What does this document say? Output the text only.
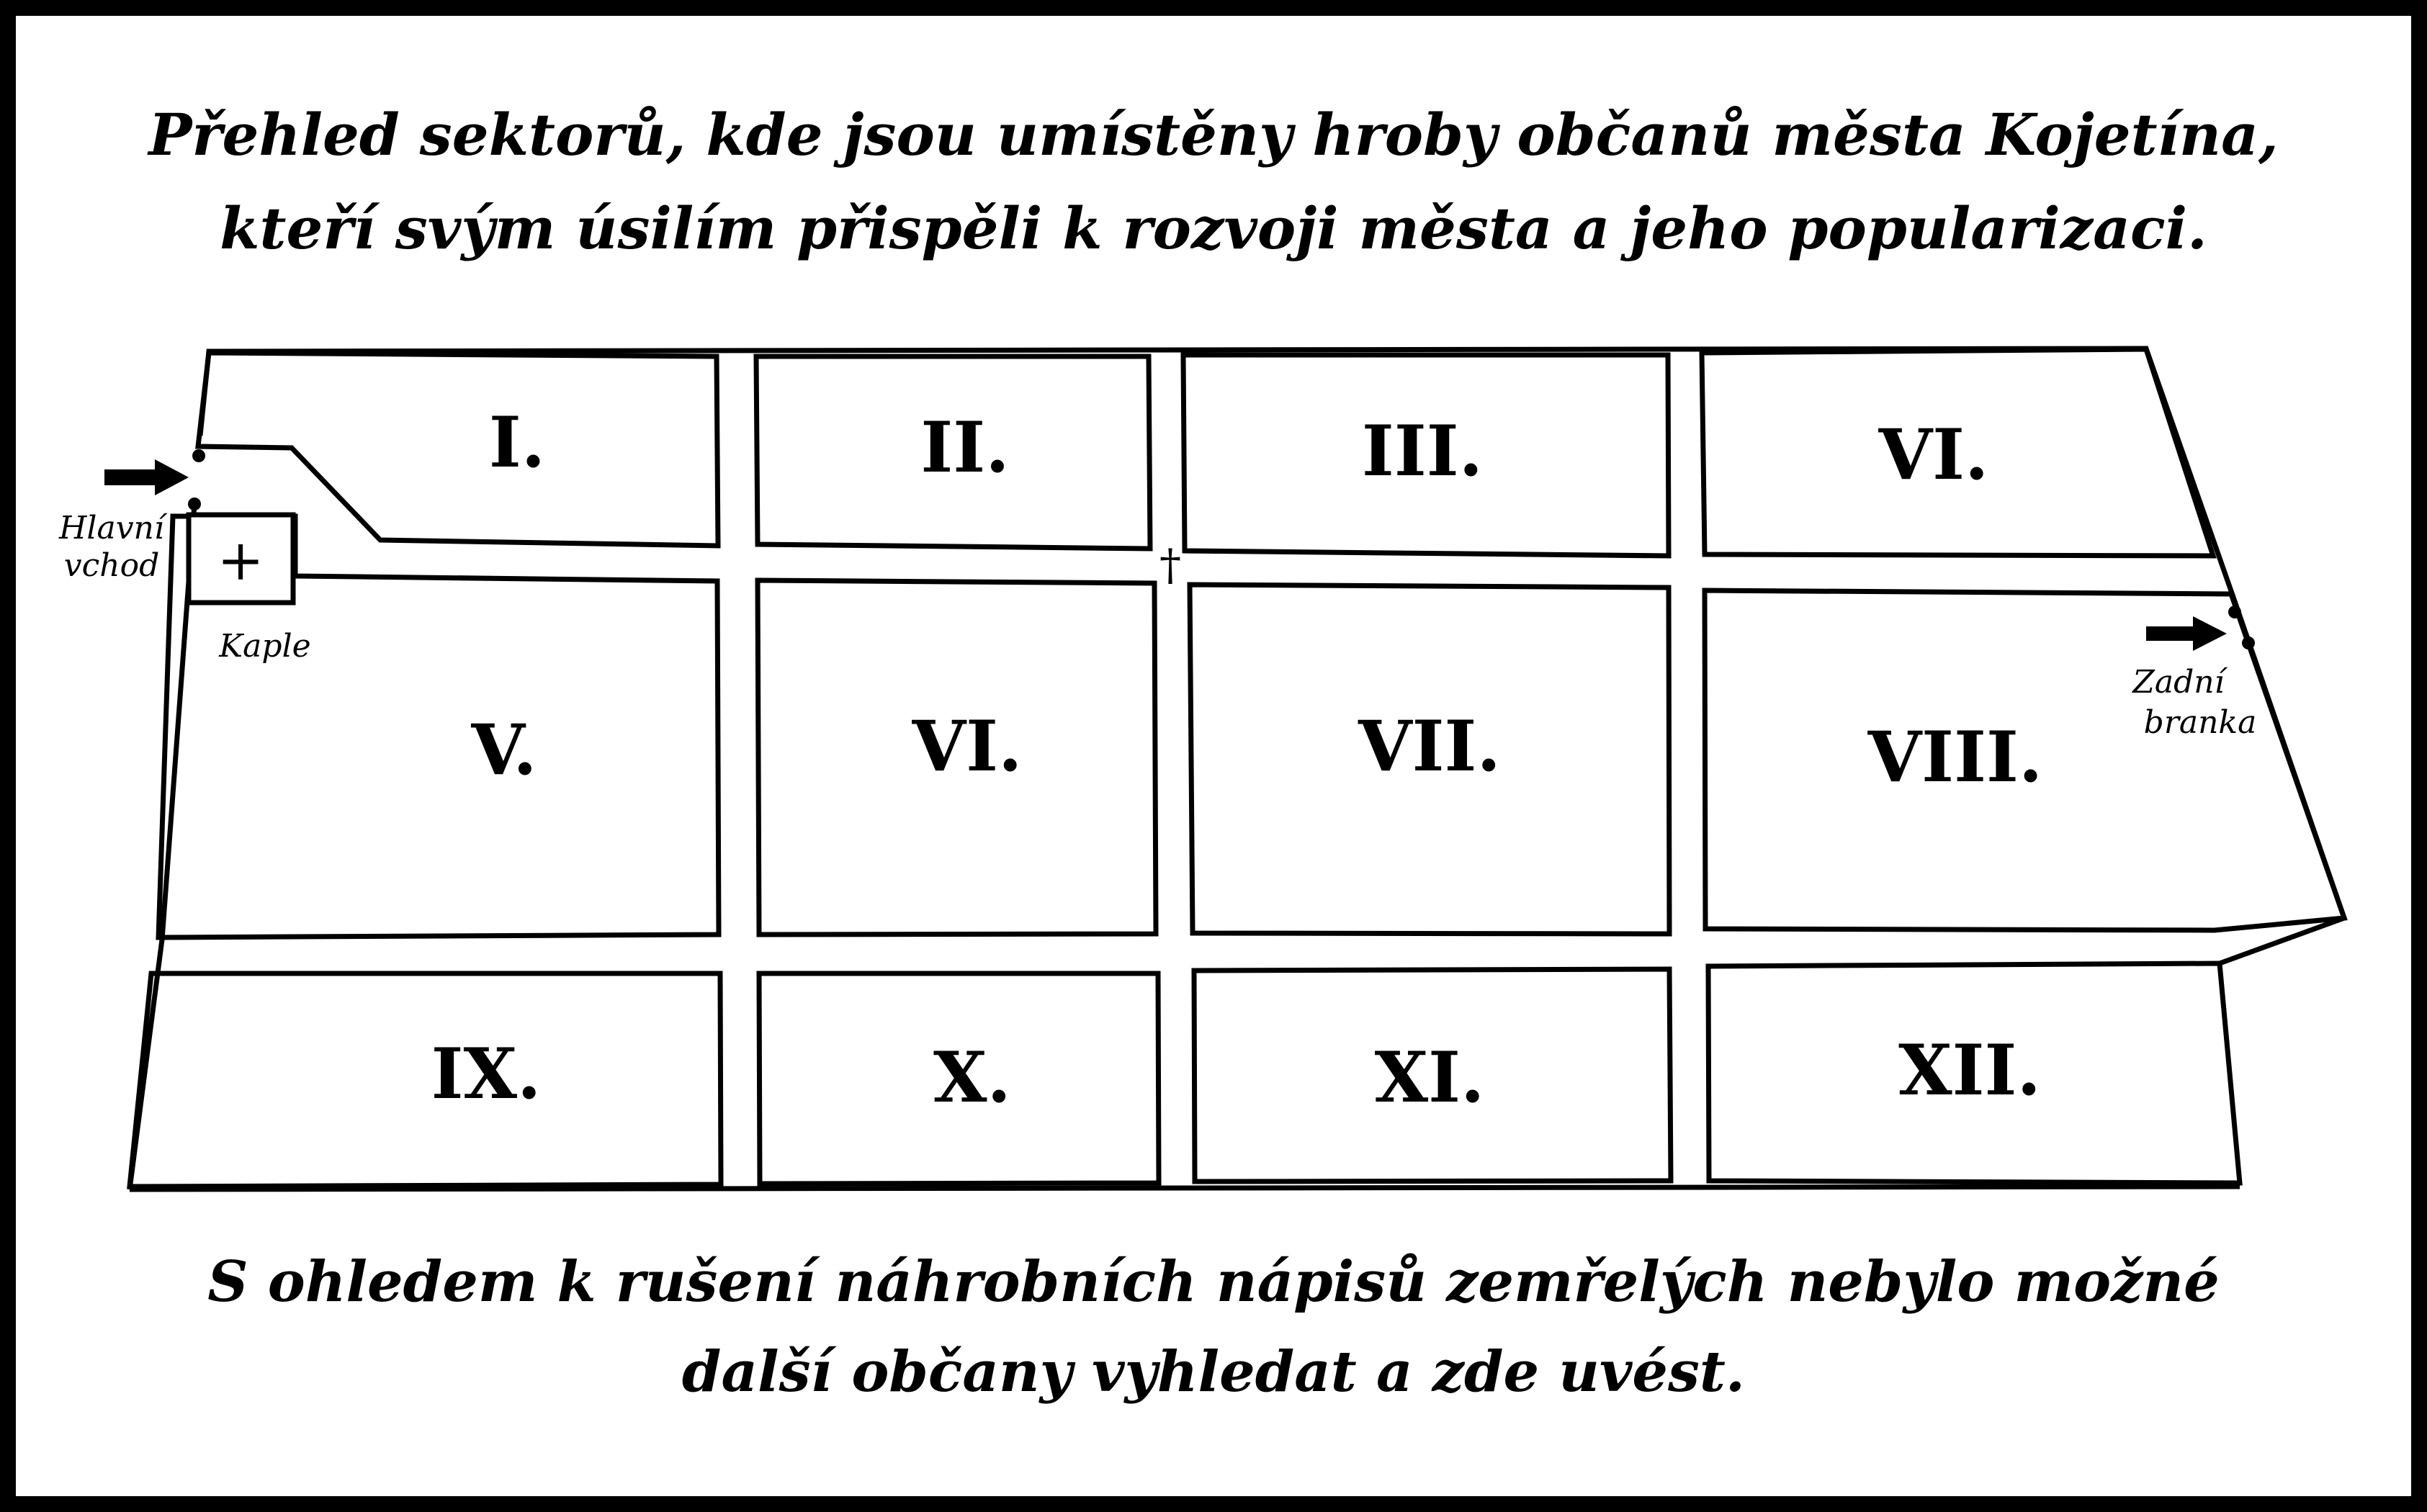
Přehled sektorů, kde jsou umístěny hroby občanů města Kojetína,
kteří svým úsilím přispěli k rozvoji města a jeho popularizaci.
+	†
Hlavní
vchod
Kaple
Zadní
branka
I.	II.	III.	VI.
V.	VI.	VII.	VIII.
IX.	X.	XI.	XII.

S ohledem k rušení náhrobních nápisů zemřelých nebylo možné

další občany vyhledat a zde uvést.
